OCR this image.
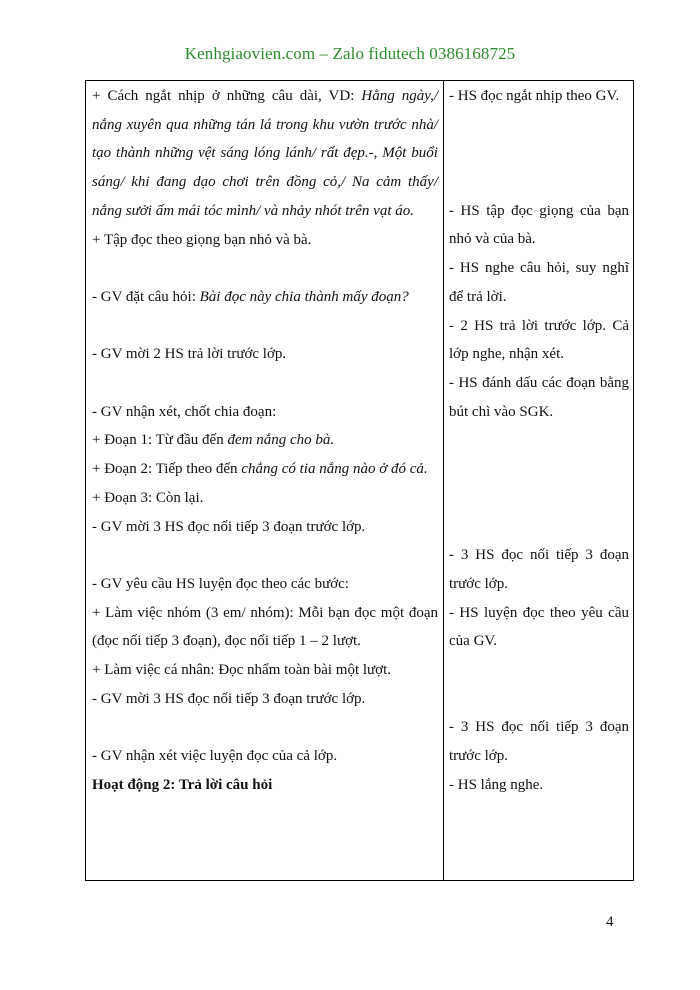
Kenhgiaovien.com – Zalo fidutech 0386168725
+ Cách ngắt nhịp ở những câu dài, VD: Hằng ngày,/ nắng xuyên qua những tán lá trong khu vườn trước nhà/ tạo thành những vệt sáng lóng lánh/ rất đẹp.-, Một buổi sáng/ khi đang dạo chơi trên đồng cỏ,/ Na cảm thấy/ nắng sưởi ấm mái tóc mình/ và nhảy nhót trên vạt áo.
+ Tập đọc theo giọng bạn nhỏ và bà.
- GV đặt câu hỏi: Bài đọc này chia thành mấy đoạn?
- GV mời 2 HS trả lời trước lớp.
- GV nhận xét, chốt chia đoạn:
+ Đoạn 1: Từ đầu đến đem nắng cho bà.
+ Đoạn 2: Tiếp theo đến chẳng có tia nắng nào ở đó cả.
+ Đoạn 3: Còn lại.
- GV mời 3 HS đọc nối tiếp 3 đoạn trước lớp.
- GV yêu cầu HS luyện đọc theo các bước:
+ Làm việc nhóm (3 em/ nhóm): Mỗi bạn đọc một đoạn (đọc nối tiếp 3 đoạn), đọc nối tiếp 1 – 2 lượt.
+ Làm việc cá nhân: Đọc nhẩm toàn bài một lượt.
- GV mời 3 HS đọc nối tiếp 3 đoạn trước lớp.
- GV nhận xét việc luyện đọc của cả lớp.
Hoạt động 2: Trả lời câu hỏi
- HS đọc ngắt nhịp theo GV.
- HS tập đọc giọng của bạn nhỏ và của bà.
- HS nghe câu hỏi, suy nghĩ để trả lời.
- 2 HS trả lời trước lớp. Cả lớp nghe, nhận xét.
- HS đánh dấu các đoạn bằng bút chì vào SGK.
- 3 HS đọc nối tiếp 3 đoạn trước lớp.
- HS luyện đọc theo yêu cầu của GV.
- 3 HS đọc nối tiếp 3 đoạn trước lớp.
- HS lắng nghe.
4
